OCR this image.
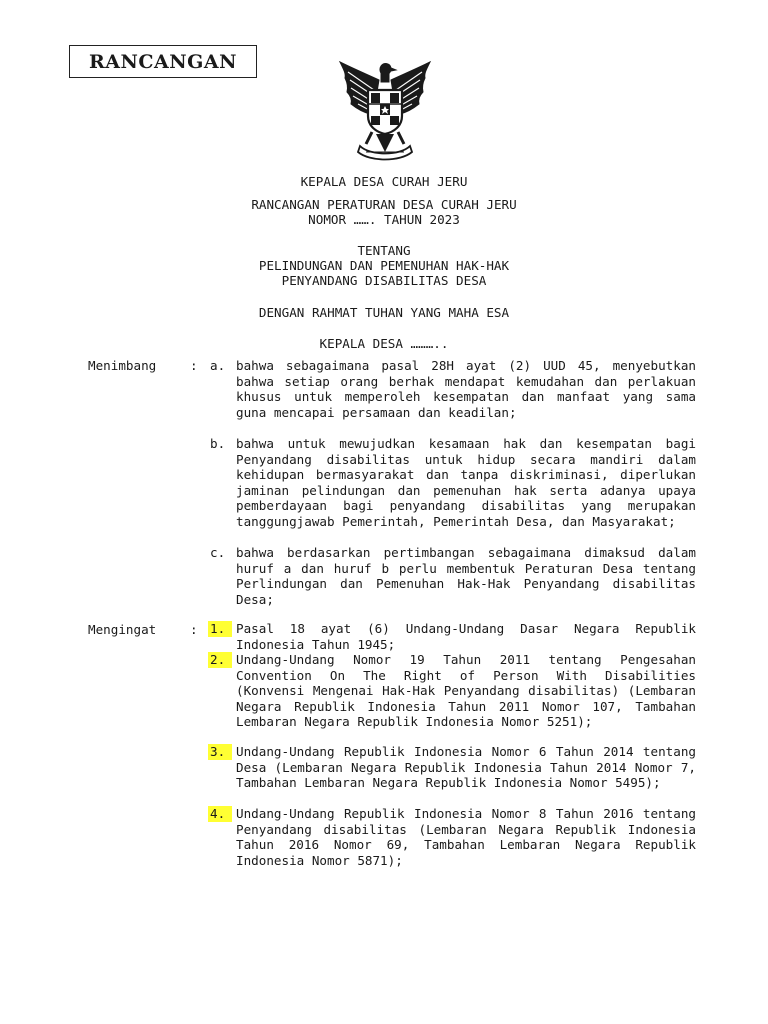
RANCANGAN
KEPALA DESA CURAH JERU
RANCANGAN PERATURAN DESA CURAH JERU
NOMOR ……. TAHUN 2023
TENTANG
PELINDUNGAN DAN PEMENUHAN HAK-HAK
PENYANDANG DISABILITAS DESA
DENGAN RAHMAT TUHAN YANG MAHA ESA
KEPALA DESA ………..
Menimbang	: a. bahwa sebagaimana pasal 28H ayat (2) UUD 45, menyebutkan bahwa setiap orang berhak mendapat kemudahan dan perlakuan khusus untuk memperoleh kesempatan dan manfaat yang sama guna mencapai persamaan dan keadilan;
b. bahwa untuk mewujudkan kesamaan hak dan kesempatan bagi Penyandang disabilitas untuk hidup secara mandiri dalam kehidupan bermasyarakat dan tanpa diskriminasi, diperlukan jaminan pelindungan dan pemenuhan hak serta adanya upaya pemberdayaan bagi penyandang disabilitas yang merupakan tanggungjawab Pemerintah, Pemerintah Desa, dan Masyarakat;
c. bahwa berdasarkan pertimbangan sebagaimana dimaksud dalam huruf a dan huruf b perlu membentuk Peraturan Desa tentang Perlindungan dan Pemenuhan Hak-Hak Penyandang disabilitas Desa;
Mengingat	: 1. Pasal 18 ayat (6) Undang-Undang Dasar Negara Republik Indonesia Tahun 1945;
2. Undang-Undang Nomor 19 Tahun 2011 tentang Pengesahan Convention On The Right of Person With Disabilities (Konvensi Mengenai Hak-Hak Penyandang disabilitas) (Lembaran Negara Republik Indonesia Tahun 2011 Nomor 107, Tambahan Lembaran Negara Republik Indonesia Nomor 5251);
3. Undang-Undang Republik Indonesia Nomor 6 Tahun 2014 tentang Desa (Lembaran Negara Republik Indonesia Tahun 2014 Nomor 7, Tambahan Lembaran Negara Republik Indonesia Nomor 5495);
4. Undang-Undang Republik Indonesia Nomor 8 Tahun 2016 tentang Penyandang disabilitas (Lembaran Negara Republik Indonesia Tahun 2016 Nomor 69, Tambahan Lembaran Negara Republik Indonesia Nomor 5871);
